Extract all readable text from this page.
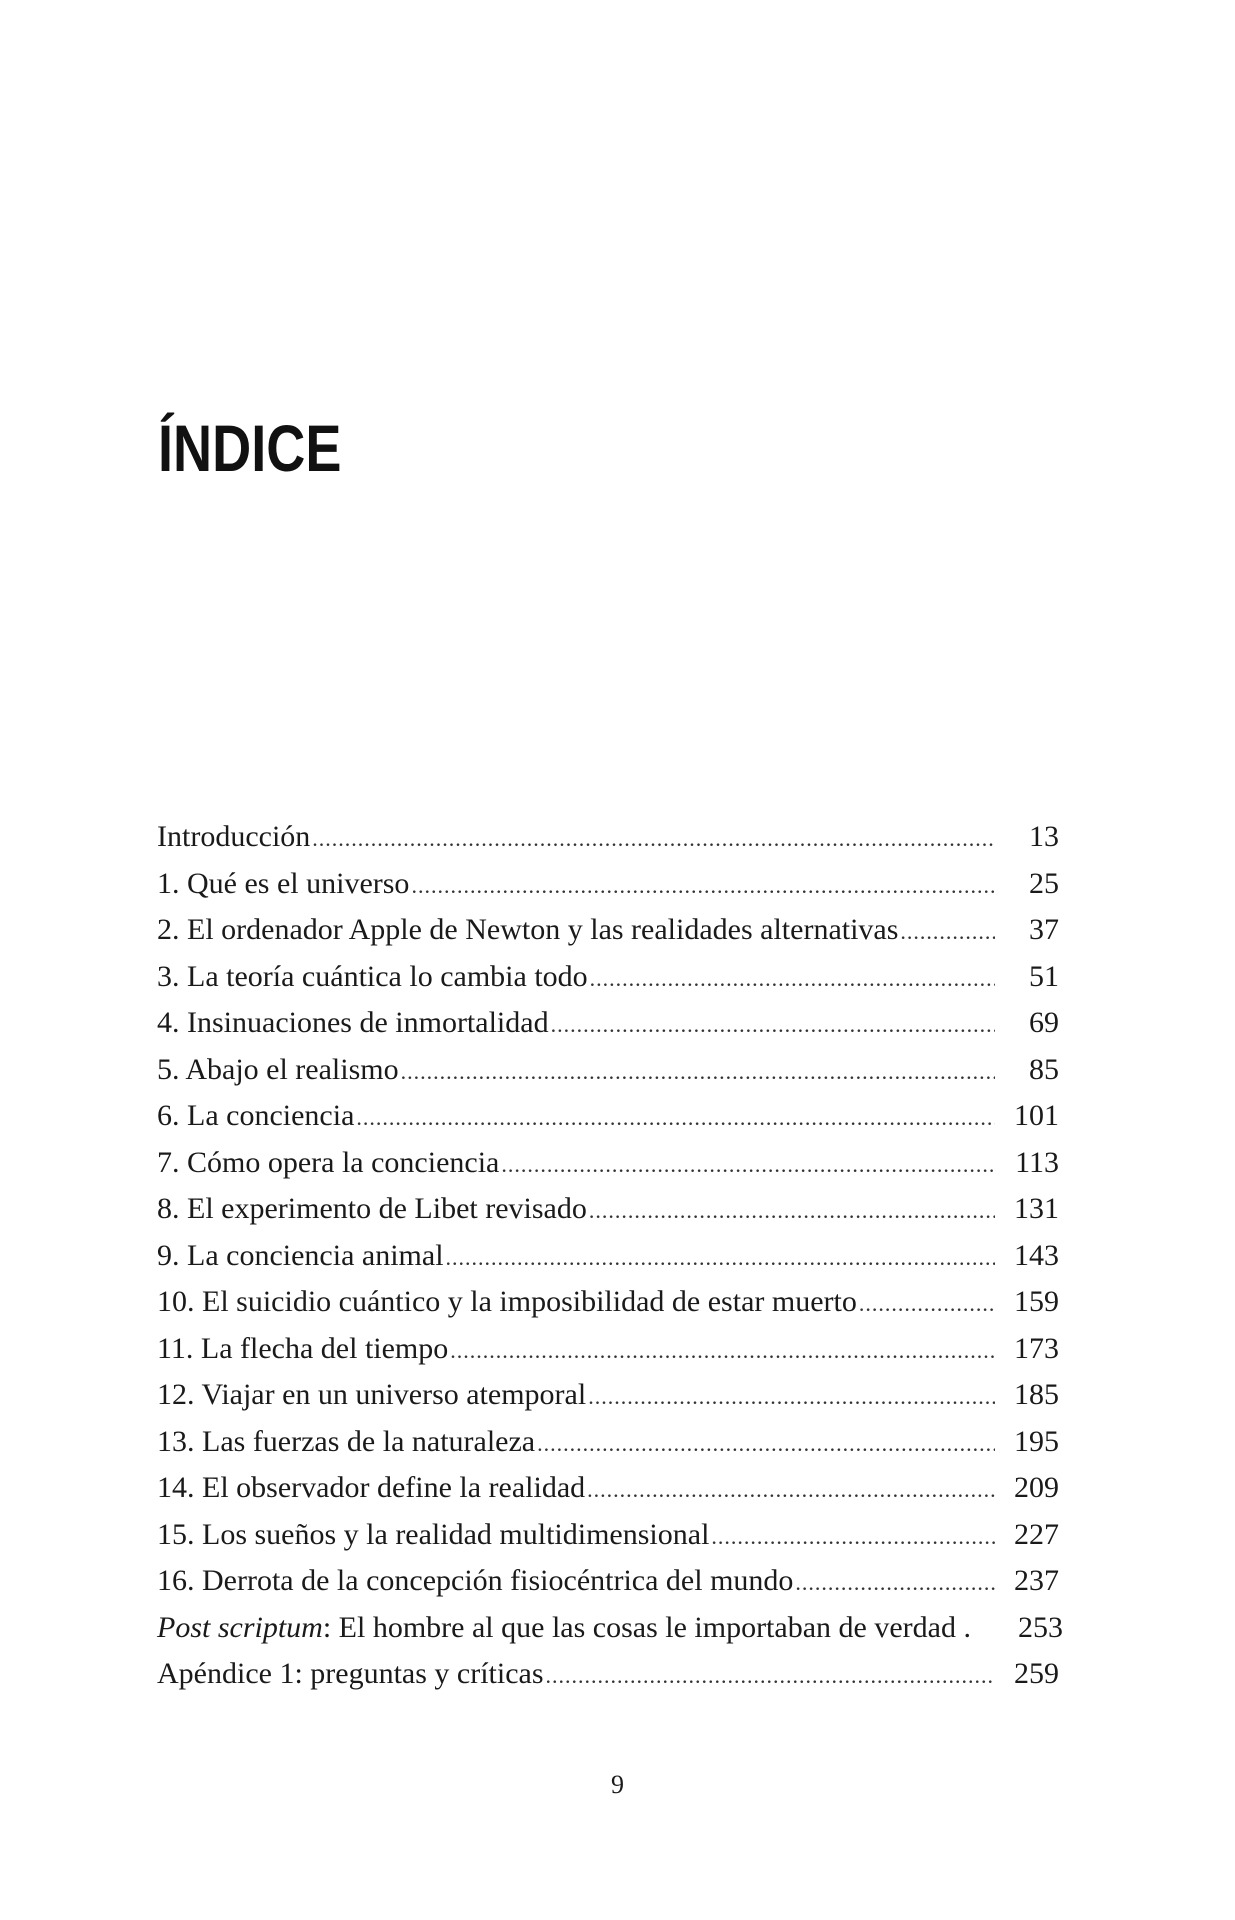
ÍNDICE
Introducción .....	13
1. Qué es el universo .....	25
2. El ordenador Apple de Newton y las realidades alternativas .....	37
3. La teoría cuántica lo cambia todo .....	51
4. Insinuaciones de inmortalidad .....	69
5. Abajo el realismo .....	85
6. La conciencia .....	101
7. Cómo opera la conciencia .....	113
8. El experimento de Libet revisado .....	131
9. La conciencia animal .....	143
10. El suicidio cuántico y la imposibilidad de estar muerto .....	159
11. La flecha del tiempo .....	173
12. Viajar en un universo atemporal .....	185
13. Las fuerzas de la naturaleza .....	195
14. El observador define la realidad .....	209
15. Los sueños y la realidad multidimensional .....	227
16. Derrota de la concepción fisiocéntrica del mundo .....	237
Post scriptum: El hombre al que las cosas le importaban de verdad .	253
Apéndice 1: preguntas y críticas .....	259
9
